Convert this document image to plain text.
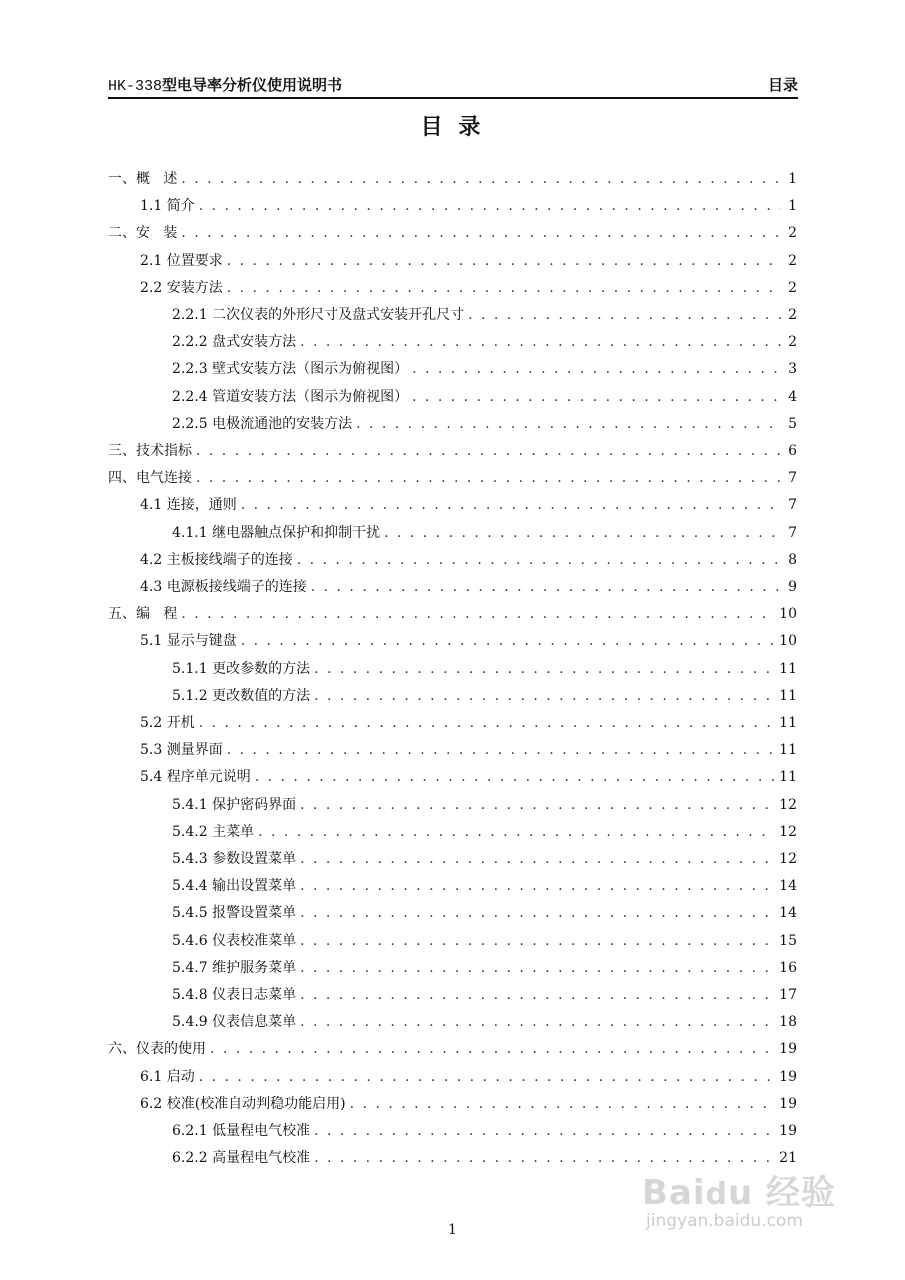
HK-338型电导率分析仪使用说明书	目录
目 录
一、概   述 . . .	1
1.1 简介 . . .	1
二、安   装 . . .	2
2.1 位置要求 . . .	2
2.2 安装方法 . . .	2
2.2.1 二次仪表的外形尺寸及盘式安装开孔尺寸 . . .	2
2.2.2 盘式安装方法 . . .	2
2.2.3 壁式安装方法（图示为俯视图） . . .	3
2.2.4 管道安装方法（图示为俯视图） . . .	4
2.2.5 电极流通池的安装方法 . . .	5
三、技术指标 . . .	6
四、电气连接 . . .	7
4.1 连接，通则 . . .	7
4.1.1 继电器触点保护和抑制干扰 . . .	7
4.2 主板接线端子的连接 . . .	8
4.3 电源板接线端子的连接 . . .	9
五、编   程 . . .	10
5.1 显示与键盘 . . .	10
5.1.1 更改参数的方法 . . .	11
5.1.2 更改数值的方法 . . .	11
5.2 开机 . . .	11
5.3 测量界面 . . .	11
5.4 程序单元说明 . . .	11
5.4.1 保护密码界面 . . .	12
5.4.2 主菜单 . . .	12
5.4.3 参数设置菜单 . . .	12
5.4.4 输出设置菜单 . . .	14
5.4.5 报警设置菜单 . . .	14
5.4.6 仪表校准菜单 . . .	15
5.4.7 维护服务菜单 . . .	16
5.4.8 仪表日志菜单 . . .	17
5.4.9 仪表信息菜单 . . .	18
六、仪表的使用 . . .	19
6.1 启动 . . .	19
6.2 校准(校准自动判稳功能启用) . . .	19
6.2.1 低量程电气校准 . . .	19
6.2.2 高量程电气校准 . . .	21
1
Baidu 经验
jingyan.baidu.com
